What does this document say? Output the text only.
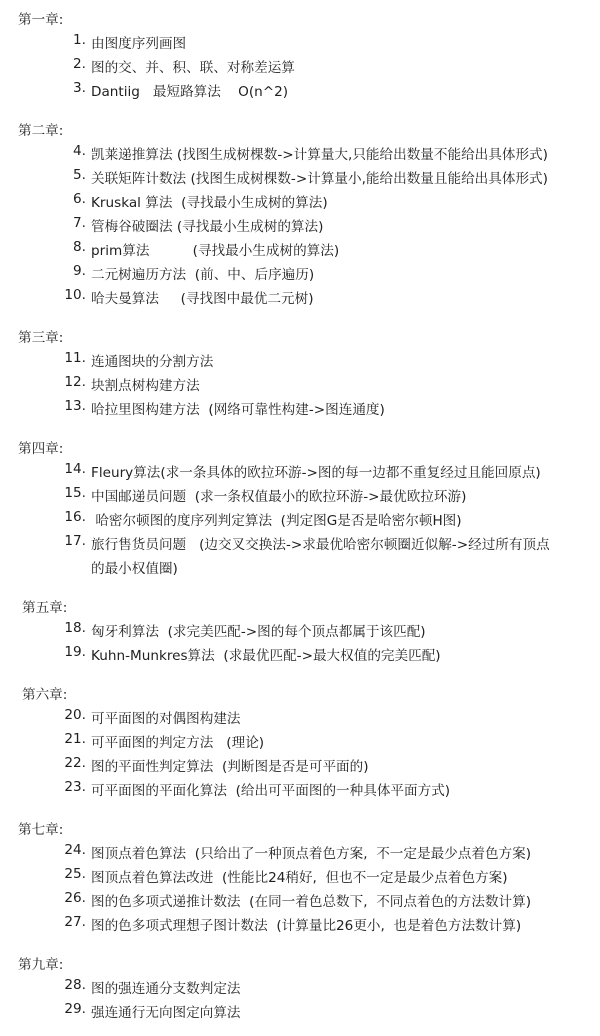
第一章:
1. 由图度序列画图
2. 图的交、并、积、联、对称差运算
3. Dantiig   最短路算法    O(n^2)
第二章:
4. 凯莱递推算法 (找图生成树棵数->计算量大,只能给出数量不能给出具体形式)
5. 关联矩阵计数法 (找图生成树棵数->计算量小,能给出数量且能给出具体形式)
6. Kruskal 算法  (寻找最小生成树的算法)
7. 管梅谷破圈法 (寻找最小生成树的算法)
8. prim算法          (寻找最小生成树的算法)
9. 二元树遍历方法  (前、中、后序遍历)
10. 哈夫曼算法     (寻找图中最优二元树)
第三章:
11. 连通图块的分割方法
12. 块割点树构建方法
13. 哈拉里图构建方法  (网络可靠性构建->图连通度)
第四章:
14. Fleury算法(求一条具体的欧拉环游->图的每一边都不重复经过且能回原点)
15. 中国邮递员问题  (求一条权值最小的欧拉环游->最优欧拉环游)
16. 哈密尔顿图的度序列判定算法  (判定图G是否是哈密尔顿H图)
17. 旅行售货员问题   (边交叉交换法->求最优哈密尔顿圈近似解->经过所有顶点
的最小权值圈)
第五章:
18. 匈牙利算法  (求完美匹配->图的每个顶点都属于该匹配)
19. Kuhn-Munkres算法  (求最优匹配->最大权值的完美匹配)
第六章:
20. 可平面图的对偶图构建法
21. 可平面图的判定方法   (理论)
22. 图的平面性判定算法  (判断图是否是可平面的)
23. 可平面图的平面化算法  (给出可平面图的一种具体平面方式)
第七章:
24. 图顶点着色算法  (只给出了一种顶点着色方案,  不一定是最少点着色方案)
25. 图顶点着色算法改进  (性能比24稍好,  但也不一定是最少点着色方案)
26. 图的色多项式递推计数法  (在同一着色总数下,  不同点着色的方法数计算)
27. 图的色多项式理想子图计数法  (计算量比26更小,  也是着色方法数计算)
第九章:
28. 图的强连通分支数判定法
29. 强连通行无向图定向算法
